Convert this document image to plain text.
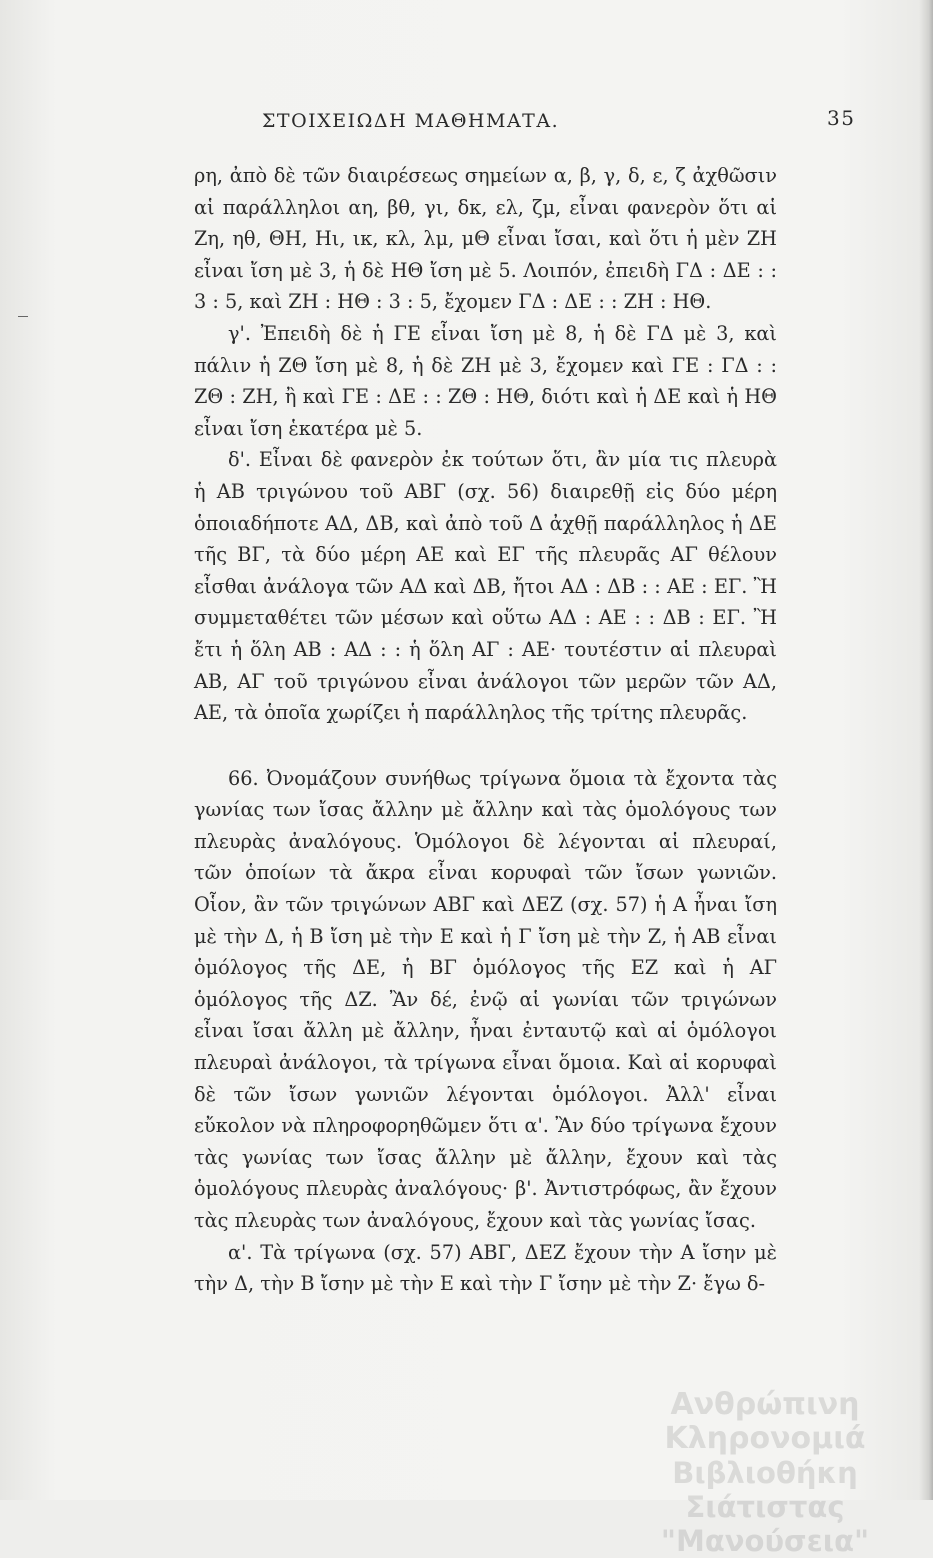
ΣΤΟΙΧΕΙΩΔΗ ΜΑΘΗΜΑΤΑ.	35

ρη, ἀπὸ δὲ τῶν διαιρέσεως σημείων α, β, γ, δ, ε, ζ ἀχθῶσιν αἱ παράλληλοι αη, βθ, γι, δκ, ελ, ζμ, εἶναι φανερὸν ὅτι αἱ Ζη, ηθ, ΘΗ, Ηι, ικ, κλ, λμ, μΘ εἶναι ἴσαι, καὶ ὅτι ἡ μὲν ΖΗ εἶναι ἴση μὲ 3, ἡ δὲ ΗΘ ἴση μὲ 5. Λοιπόν, ἐπειδὴ ΓΔ : ΔΕ : : 3 : 5, καὶ ΖΗ : ΗΘ : 3 : 5, ἔχομεν ΓΔ : ΔΕ : : ΖΗ : ΗΘ.

γ'. Ἐπειδὴ δὲ ἡ ΓΕ εἶναι ἴση μὲ 8, ἡ δὲ ΓΔ μὲ 3, καὶ πάλιν ἡ ΖΘ ἴση μὲ 8, ἡ δὲ ΖΗ μὲ 3, ἔχομεν καὶ ΓΕ : ΓΔ : : ΖΘ : ΖΗ, ἢ καὶ ΓΕ : ΔΕ : : ΖΘ : ΗΘ, διότι καὶ ἡ ΔΕ καὶ ἡ ΗΘ εἶναι ἴση ἑκατέρα μὲ 5.

δ'. Εἶναι δὲ φανερὸν ἐκ τούτων ὅτι, ἂν μία τις πλευρὰ ἡ ΑΒ τριγώνου τοῦ ΑΒΓ (σχ. 56) διαιρεθῇ εἰς δύο μέρη ὁποιαδήποτε ΑΔ, ΔΒ, καὶ ἀπὸ τοῦ Δ ἀχθῇ παράλληλος ἡ ΔΕ τῆς ΒΓ, τὰ δύο μέρη ΑΕ καὶ ΕΓ τῆς πλευρᾶς ΑΓ θέλουν εἶσθαι ἀνάλογα τῶν ΑΔ καὶ ΔΒ, ἤτοι ΑΔ : ΔΒ : : ΑΕ : ΕΓ. Ἢ συμμεταθέτει τῶν μέσων καὶ οὕτω ΑΔ : ΑΕ : : ΔΒ : ΕΓ. Ἢ ἔτι ἡ ὅλη ΑΒ : ΑΔ : : ἡ ὅλη ΑΓ : ΑΕ· τουτέστιν αἱ πλευραὶ ΑΒ, ΑΓ τοῦ τριγώνου εἶναι ἀνάλογοι τῶν μερῶν τῶν ΑΔ, ΑΕ, τὰ ὁποῖα χωρίζει ἡ παράλληλος τῆς τρίτης πλευρᾶς.

66. Ὀνομάζουν συνήθως τρίγωνα ὅμοια τὰ ἔχοντα τὰς γωνίας των ἴσας ἄλλην μὲ ἄλλην καὶ τὰς ὁμολόγους των πλευρὰς ἀναλόγους. Ὁμόλογοι δὲ λέγονται αἱ πλευραί, τῶν ὁποίων τὰ ἄκρα εἶναι κορυφαὶ τῶν ἴσων γωνιῶν. Οἷον, ἂν τῶν τριγώνων ΑΒΓ καὶ ΔΕΖ (σχ. 57) ἡ Α ἦναι ἴση μὲ τὴν Δ, ἡ Β ἴση μὲ τὴν Ε καὶ ἡ Γ ἴση μὲ τὴν Ζ, ἡ ΑΒ εἶναι ὁμόλογος τῆς ΔΕ, ἡ ΒΓ ὁμόλογος τῆς ΕΖ καὶ ἡ ΑΓ ὁμόλογος τῆς ΔΖ. Ἂν δέ, ἐνῷ αἱ γωνίαι τῶν τριγώνων εἶναι ἴσαι ἄλλη μὲ ἄλλην, ἦναι ἐνταυτῷ καὶ αἱ ὁμόλογοι πλευραὶ ἀνάλογοι, τὰ τρίγωνα εἶναι ὅμοια. Καὶ αἱ κορυφαὶ δὲ τῶν ἴσων γωνιῶν λέγονται ὁμόλογοι. Ἀλλ' εἶναι εὔκολον νὰ πληροφορηθῶμεν ὅτι α'. Ἂν δύο τρίγωνα ἔχουν τὰς γωνίας των ἴσας ἄλλην μὲ ἄλλην, ἔχουν καὶ τὰς ὁμολόγους πλευρὰς ἀναλόγους· β'. Ἀντιστρόφως, ἂν ἔχουν τὰς πλευρὰς των ἀναλόγους, ἔχουν καὶ τὰς γωνίας ἴσας.

α'. Τὰ τρίγωνα (σχ. 57) ΑΒΓ, ΔΕΖ ἔχουν τὴν Α ἴσην μὲ τὴν Δ, τὴν Β ἴσην μὲ τὴν Ε καὶ τὴν Γ ἴσην μὲ τὴν Ζ· ἔγω δ-

Ανθρώπινη Κληρονομιά
Βιβλιοθήκη Σιάτιστας "Μανούσεια"
